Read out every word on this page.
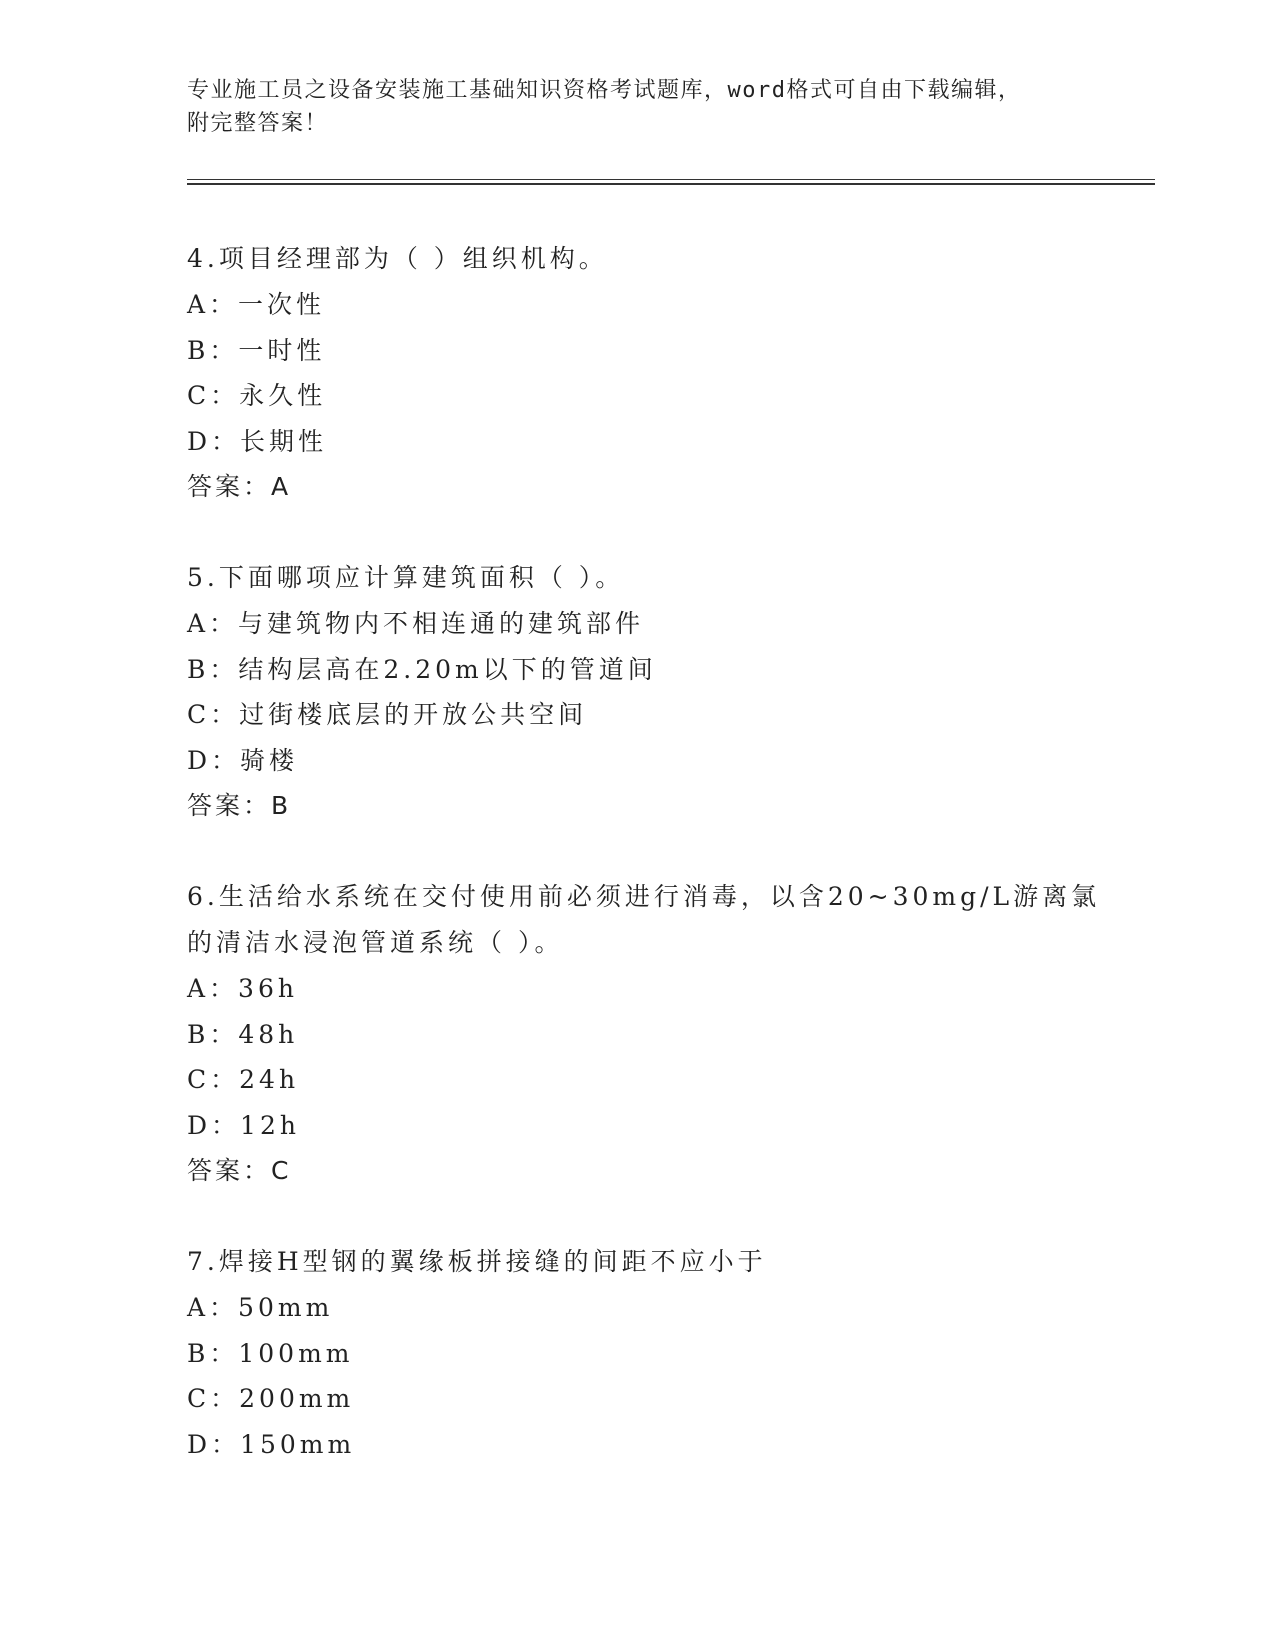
专业施工员之设备安装施工基础知识资格考试题库，word格式可自由下载编辑，
附完整答案！
4.项目经理部为（ ）组织机构。
A：一次性
B：一时性
C：永久性
D：长期性
答案：A
5.下面哪项应计算建筑面积（ ）。
A：与建筑物内不相连通的建筑部件
B：结构层高在2.20m以下的管道间
C：过街楼底层的开放公共空间
D：骑楼
答案：B
6.生活给水系统在交付使用前必须进行消毒，以含20~30mg/L游离氯
的清洁水浸泡管道系统（ ）。
A：36h
B：48h
C：24h
D：12h
答案：C
7.焊接H型钢的翼缘板拼接缝的间距不应小于
A：50mm
B：100mm
C：200mm
D：150mm
